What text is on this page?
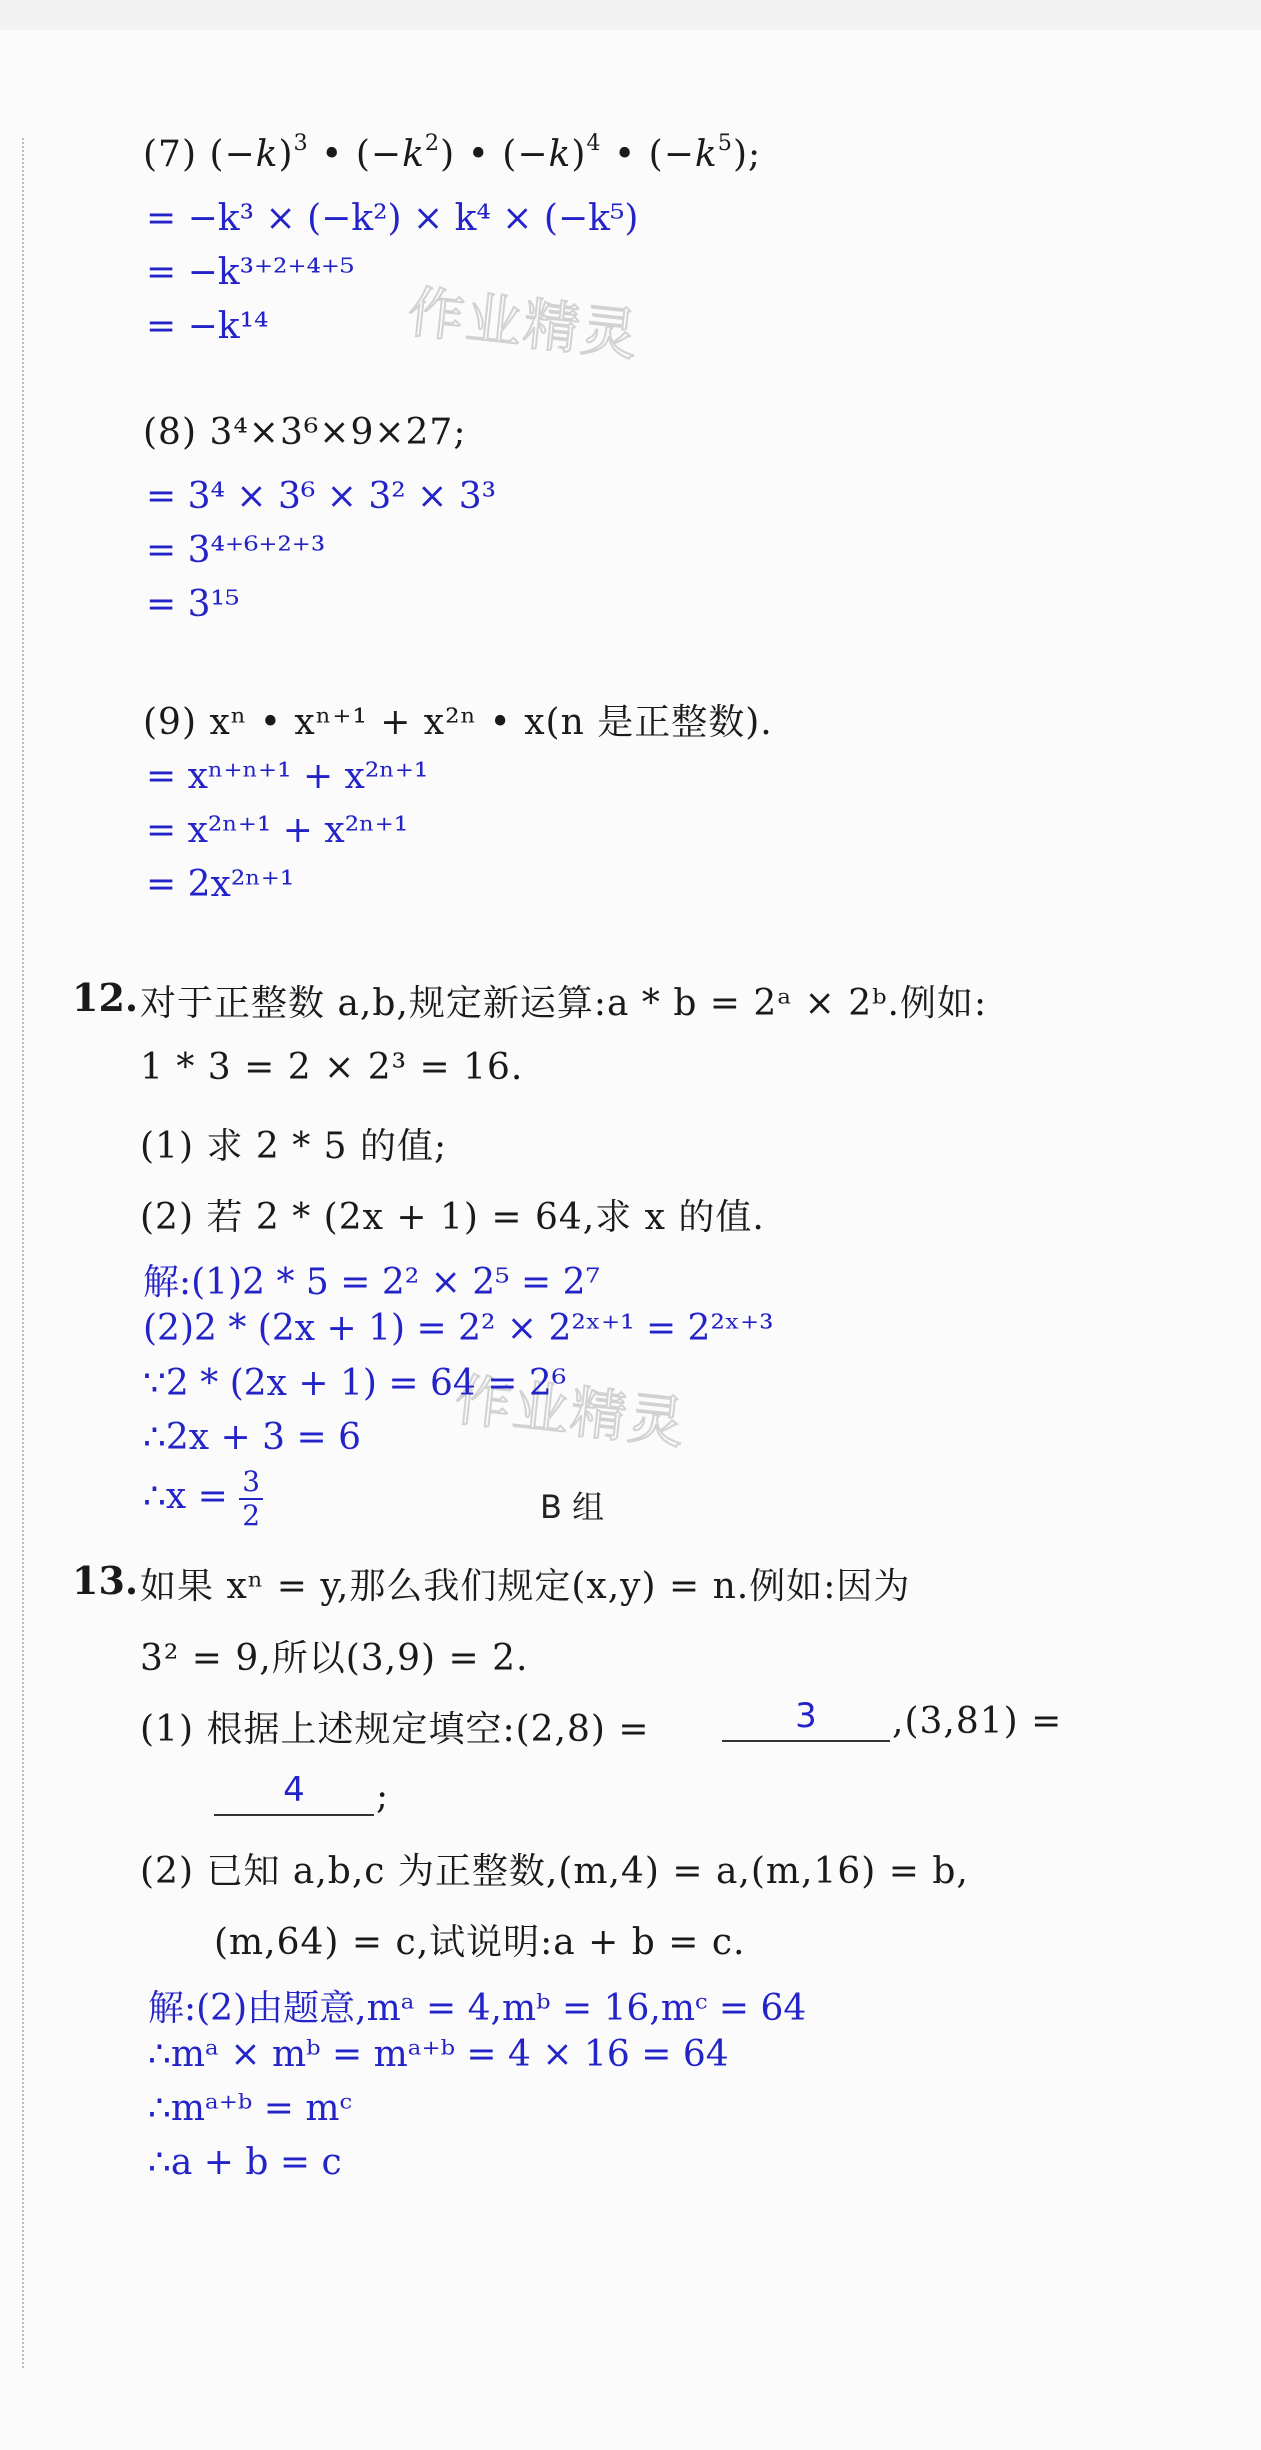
作业精灵
作业精灵
(7) $(-k)^3$ • $(-k^2)$ • $(-k)^4$ • $(-k^5)$;
= −k³ × (−k²) × k⁴ × (−k⁵)
= −k³⁺²⁺⁴⁺⁵
= −k¹⁴
(8) 3⁴×3⁶×9×27;
= 3⁴ × 3⁶ × 3² × 3³
= 3⁴⁺⁶⁺²⁺³
= 3¹⁵
(9) xⁿ • xⁿ⁺¹ + x²ⁿ • x(n 是正整数).
= xⁿ⁺ⁿ⁺¹ + x²ⁿ⁺¹
= x²ⁿ⁺¹ + x²ⁿ⁺¹
= 2x²ⁿ⁺¹
12. 对于正整数 a,b,规定新运算:a * b = 2ᵃ × 2ᵇ.例如:
1 * 3 = 2 × 2³ = 16.
(1) 求 2 * 5 的值;
(2) 若 2 * (2x + 1) = 64,求 x 的值.
解:(1)2 * 5 = 2² × 2⁵ = 2⁷
(2)2 * (2x + 1) = 2² × 2²ˣ⁺¹ = 2²ˣ⁺³
∵2 * (2x + 1) = 64 = 2⁶
∴2x + 3 = 6
∴x = $\frac{3}{2}$	B 组
13. 如果 xⁿ = y,那么我们规定(x,y) = n.例如:因为
3² = 9,所以(3,9) = 2.
(1) 根据上述规定填空:(2,8) =	3	,(3,81) =
4	;
(2) 已知 a,b,c 为正整数,(m,4) = a,(m,16) = b,
(m,64) = c,试说明:a + b = c.
解:(2)由题意,mᵃ = 4,mᵇ = 16,mᶜ = 64
∴mᵃ × mᵇ = mᵃ⁺ᵇ = 4 × 16 = 64
∴mᵃ⁺ᵇ = mᶜ
∴a + b = c
